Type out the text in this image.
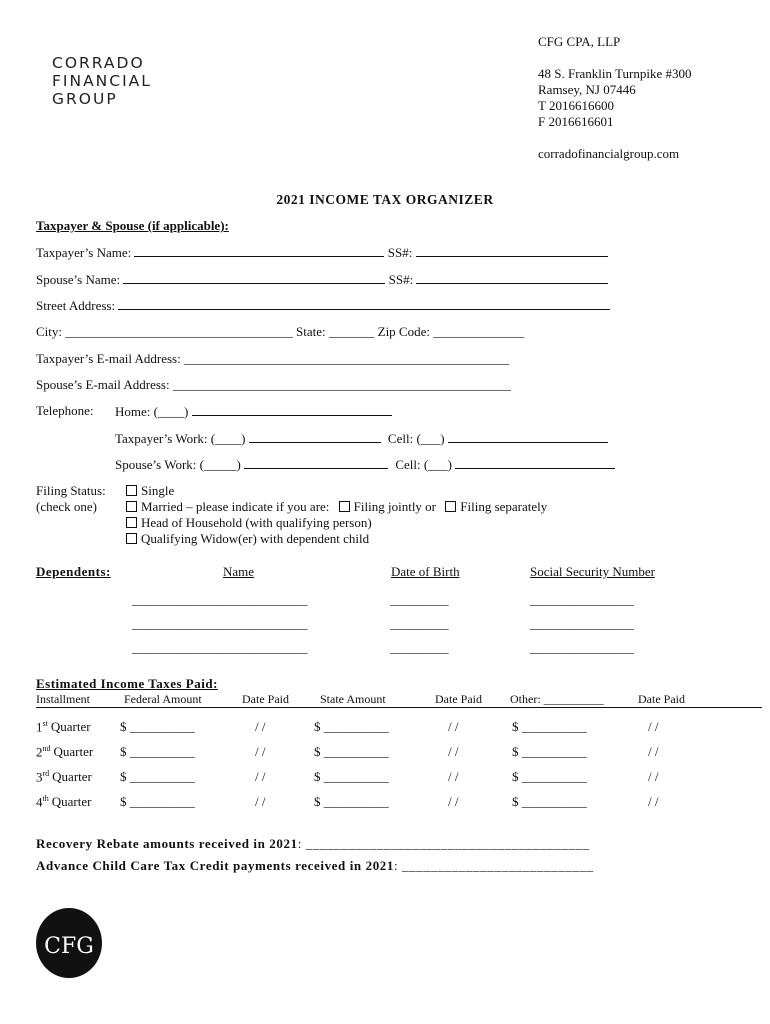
CORRADO
FINANCIAL
GROUP
CFG CPA, LLP
48 S. Franklin Turnpike #300
Ramsey, NJ 07446
T 2016616600
F 2016616601
corradofinancialgroup.com
2021 INCOME TAX ORGANIZER
Taxpayer & Spouse (if applicable):
Taxpayer’s Name:	SS#:
Spouse’s Name:	SS#:
Street Address:
City: ___________________________________ State: _______ Zip Code: ______________
Taxpayer’s E-mail Address: __________________________________________________
Spouse’s E-mail Address: ____________________________________________________
Telephone: Home: (____)
Taxpayer’s Work: (____)	Cell: (___)
Spouse’s Work: (_____)	Cell: (___)
Filing Status:
(check one)
Single
Married – please indicate if you are: Filing jointly or Filing separately
Head of Household (with qualifying person)
Qualifying Widow(er) with dependent child
Dependents:	Name	Date of Birth	Social Security Number
___________________________	_________	________________
___________________________	_________	________________
___________________________	_________	________________
Estimated Income Taxes Paid:
Installment	Federal Amount	Date Paid	State Amount	Date Paid Other: __________	Date Paid
1st Quarter $ __________	/ /	$ __________	/ /	$ __________	/ /
2nd Quarter $ __________	/ /	$ __________	/ /	$ __________	/ /
3rd Quarter $ __________	/ /	$ __________	/ /	$ __________	/ /
4th Quarter $ __________	/ /	$ __________	/ /	$ __________	/ /
Recovery Rebate amounts received in 2021: ________________________________________
Advance Child Care Tax Credit payments received in 2021: ___________________________
CFG
